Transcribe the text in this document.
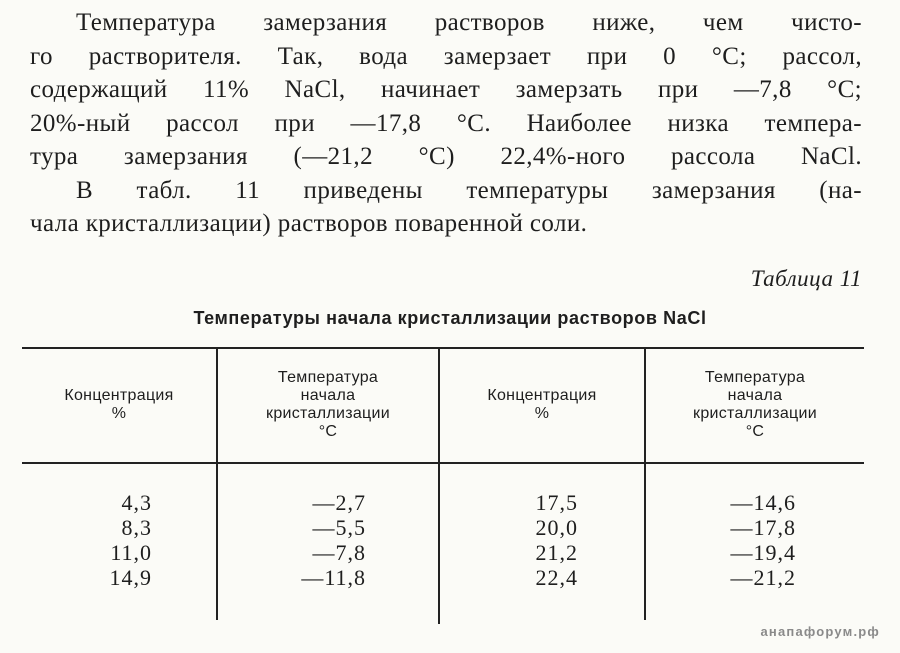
Температура замерзания растворов ниже, чем чисто-
го растворителя. Так, вода замерзает при 0 °C; рассол,
содержащий 11% NaCl, начинает замерзать при —7,8 °C;
20%-ный рассол при —17,8 °C. Наиболее низка темпера-
тура замерзания (—21,2 °C) 22,4%-ного рассола NaCl.
В табл. 11 приведены температуры замерзания (на-
чала кристаллизации) растворов поваренной соли.
Таблица 11
Температуры начала кристаллизации растворов NaCl
Концентрация
%
Температура
начала
кристаллизации
°C
Концентрация
%
Температура
начала
кристаллизации
°C
4,3
8,3
11,0
14,9
—2,7
—5,5
—7,8
—11,8
17,5
20,0
21,2
22,4
—14,6
—17,8
—19,4
—21,2
анапафорум.рф
